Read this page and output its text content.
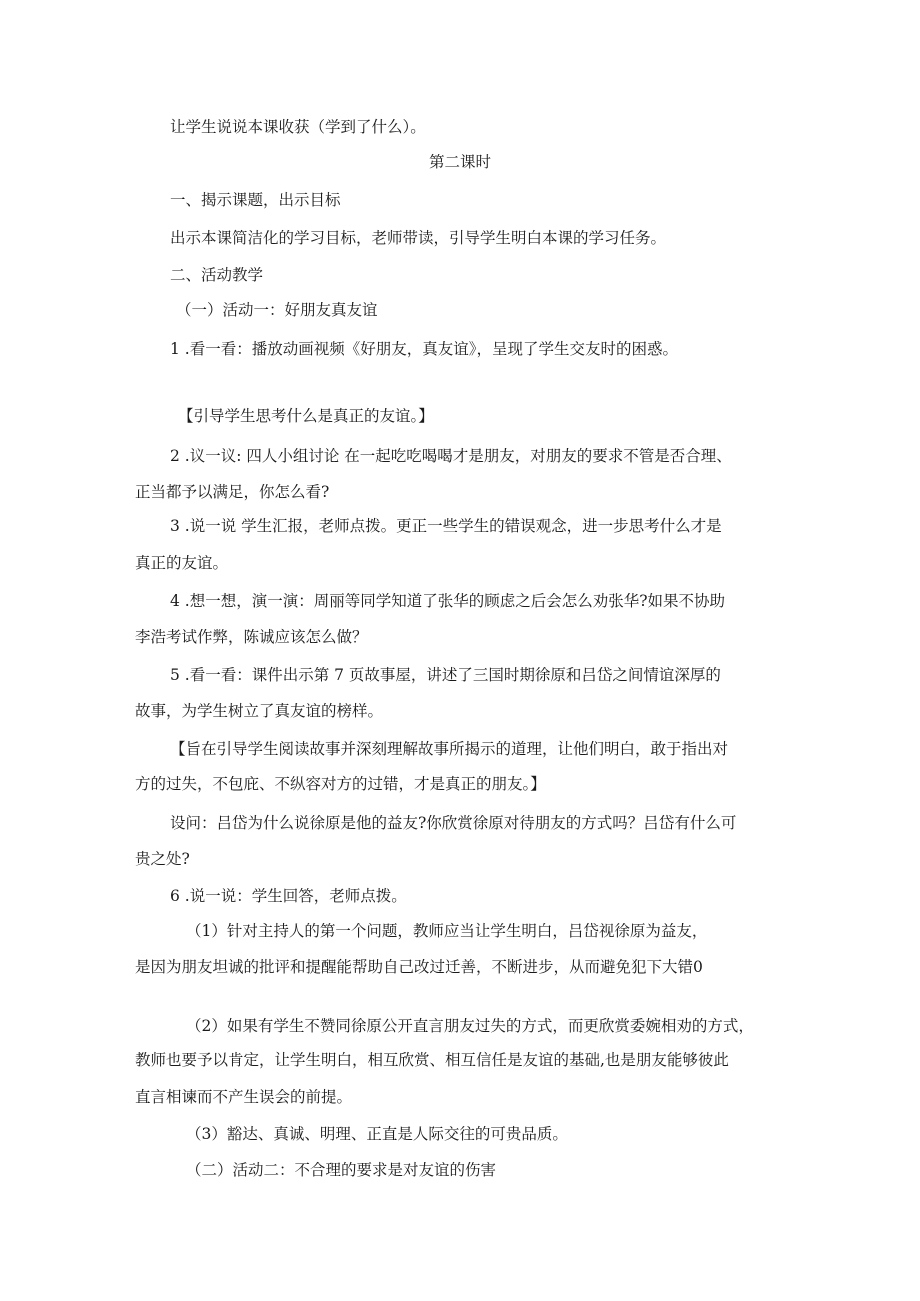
让学生说说本课收获（学到了什么）。

第二课时

一、揭示课题，出示目标

出示本课简洁化的学习目标，老师带读，引导学生明白本课的学习任务。

二、活动教学

（一）活动一：好朋友真友谊

1 .看一看：播放动画视频《好朋友，真友谊》，呈现了学生交友时的困惑。

【引导学生思考什么是真正的友谊。】

2 .议一议: 四人小组讨论 在一起吃吃喝喝才是朋友，对朋友的要求不管是否合理、

正当都予以满足，你怎么看?

3 .说一说 学生汇报，老师点拨。更正一些学生的错误观念，进一步思考什么才是

真正的友谊。

4 .想一想，演一演：周丽等同学知道了张华的顾虑之后会怎么劝张华?如果不协助

李浩考试作弊，陈诚应该怎么做？

5 .看一看：课件出示第 7 页故事屋，讲述了三国时期徐原和吕岱之间情谊深厚的

故事，为学生树立了真友谊的榜样。

【旨在引导学生阅读故事并深刻理解故事所揭示的道理，让他们明白，敢于指出对

方的过失，不包庇、不纵容对方的过错，才是真正的朋友。】

设问：吕岱为什么说徐原是他的益友?你欣赏徐原对待朋友的方式吗？吕岱有什么可

贵之处?

6 .说一说：学生回答，老师点拨。

（1）针对主持人的第一个问题，教师应当让学生明白，吕岱视徐原为益友，

是因为朋友坦诚的批评和提醒能帮助自己改过迁善，不断进步，从而避免犯下大错0

（2）如果有学生不赞同徐原公开直言朋友过失的方式，而更欣赏委婉相劝的方式，

教师也要予以肯定，让学生明白，相互欣赏、相互信任是友谊的基础,也是朋友能够彼此

直言相谏而不产生误会的前提。

（3）豁达、真诚、明理、正直是人际交往的可贵品质。

（二）活动二：不合理的要求是对友谊的伤害
